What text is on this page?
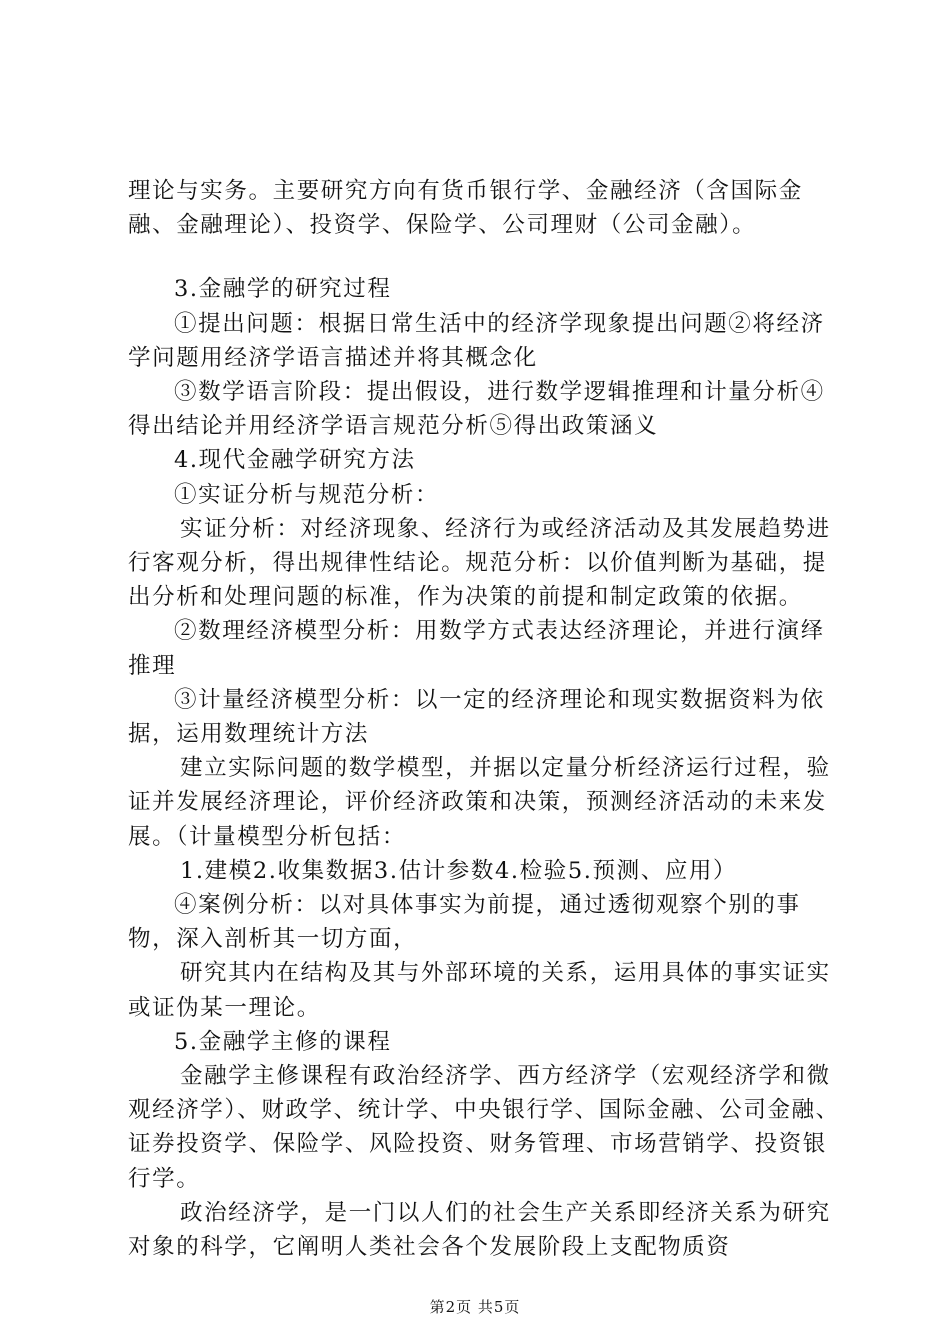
理论与实务。主要研究方向有货币银行学、金融经济（含国际金融、金融理论）、投资学、保险学、公司理财（公司金融）。

3.金融学的研究过程

①提出问题：根据日常生活中的经济学现象提出问题②将经济学问题用经济学语言描述并将其概念化

③数学语言阶段：提出假设，进行数学逻辑推理和计量分析④得出结论并用经济学语言规范分析⑤得出政策涵义

4.现代金融学研究方法

①实证分析与规范分析：

实证分析：对经济现象、经济行为或经济活动及其发展趋势进行客观分析，得出规律性结论。规范分析：以价值判断为基础，提出分析和处理问题的标准，作为决策的前提和制定政策的依据。

②数理经济模型分析：用数学方式表达经济理论，并进行演绎推理

③计量经济模型分析：以一定的经济理论和现实数据资料为依据，运用数理统计方法

建立实际问题的数学模型，并据以定量分析经济运行过程，验证并发展经济理论，评价经济政策和决策，预测经济活动的未来发展。（计量模型分析包括：

1.建模2.收集数据3.估计参数4.检验5.预测、应用）

④案例分析：以对具体事实为前提，通过透彻观察个别的事物，深入剖析其一切方面，

研究其内在结构及其与外部环境的关系，运用具体的事实证实或证伪某一理论。

5.金融学主修的课程

金融学主修课程有政治经济学、西方经济学（宏观经济学和微观经济学）、财政学、统计学、中央银行学、国际金融、公司金融、证券投资学、保险学、风险投资、财务管理、市场营销学、投资银行学。

政治经济学，是一门以人们的社会生产关系即经济关系为研究对象的科学，它阐明人类社会各个发展阶段上支配物质资

第2页 共5页
